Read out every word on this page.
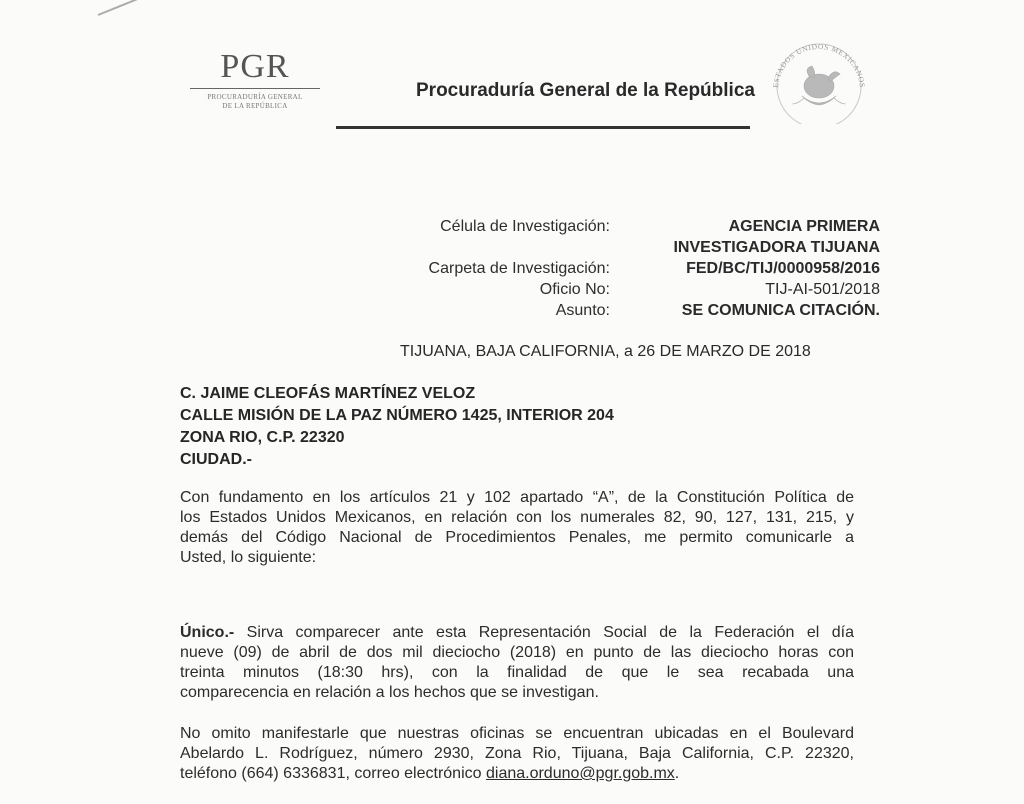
PGR
PROCURADURÍA GENERAL
DE LA REPÚBLICA
Procuraduría General de la República ESTADOS UNIDOS MEXICANOS
Célula de Investigación:	AGENCIA PRIMERA
INVESTIGADORA TIJUANA
Carpeta de Investigación:	FED/BC/TIJ/0000958/2016
Oficio No:	TIJ-AI-501/2018
Asunto:	SE COMUNICA CITACIÓN.
TIJUANA, BAJA CALIFORNIA, a 26 DE MARZO DE 2018
C. JAIME CLEOFÁS MARTÍNEZ VELOZ
CALLE MISIÓN DE LA PAZ NÚMERO 1425, INTERIOR 204
ZONA RIO, C.P. 22320
CIUDAD.-
Con fundamento en los artículos 21 y 102 apartado “A”, de la Constitución Política de
los Estados Unidos Mexicanos, en relación con los numerales 82, 90, 127, 131, 215, y
demás del Código Nacional de Procedimientos Penales, me permito comunicarle a
Usted, lo siguiente:
Único.- Sirva comparecer ante esta Representación Social de la Federación el día
nueve (09) de abril de dos mil dieciocho (2018) en punto de las dieciocho horas con
treinta minutos (18:30 hrs), con la finalidad de que le sea recabada una
comparecencia en relación a los hechos que se investigan.
No omito manifestarle que nuestras oficinas se encuentran ubicadas en el Boulevard
Abelardo L. Rodríguez, número 2930, Zona Rio, Tijuana, Baja California, C.P. 22320,
teléfono (664) 6336831, correo electrónico diana.orduno@pgr.gob.mx.
